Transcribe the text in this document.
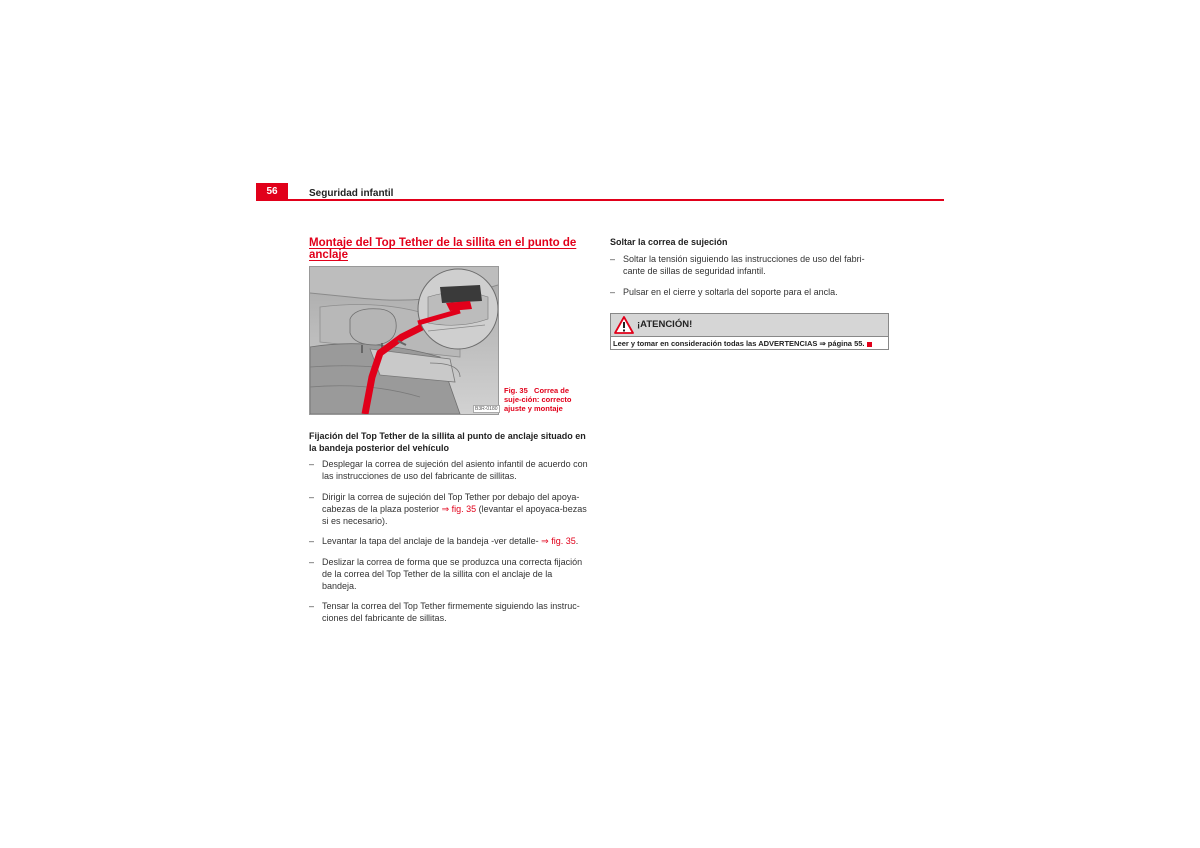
56	Seguridad infantil
Montaje del Top Tether de la sillita en el punto de anclaje
B3R-0180
Fig. 35 Correa de suje-ción: correcto ajuste y montaje
Fijación del Top Tether de la sillita al punto de anclaje situado en la bandeja posterior del vehículo
– Desplegar la correa de sujeción del asiento infantil de acuerdo con las instrucciones de uso del fabricante de sillitas.
– Dirigir la correa de sujeción del Top Tether por debajo del apoya-cabezas de la plaza posterior ⇒ fig. 35 (levantar el apoyaca-bezas si es necesario).
– Levantar la tapa del anclaje de la bandeja -ver detalle- ⇒ fig. 35.
– Deslizar la correa de forma que se produzca una correcta fijación de la correa del Top Tether de la sillita con el anclaje de la bandeja.
– Tensar la correa del Top Tether firmemente siguiendo las instruc-ciones del fabricante de sillitas.
Soltar la correa de sujeción
– Soltar la tensión siguiendo las instrucciones de uso del fabri-cante de sillas de seguridad infantil.
– Pulsar en el cierre y soltarla del soporte para el ancla.
¡ATENCIÓN!
Leer y tomar en consideración todas las ADVERTENCIAS ⇒ página 55.
